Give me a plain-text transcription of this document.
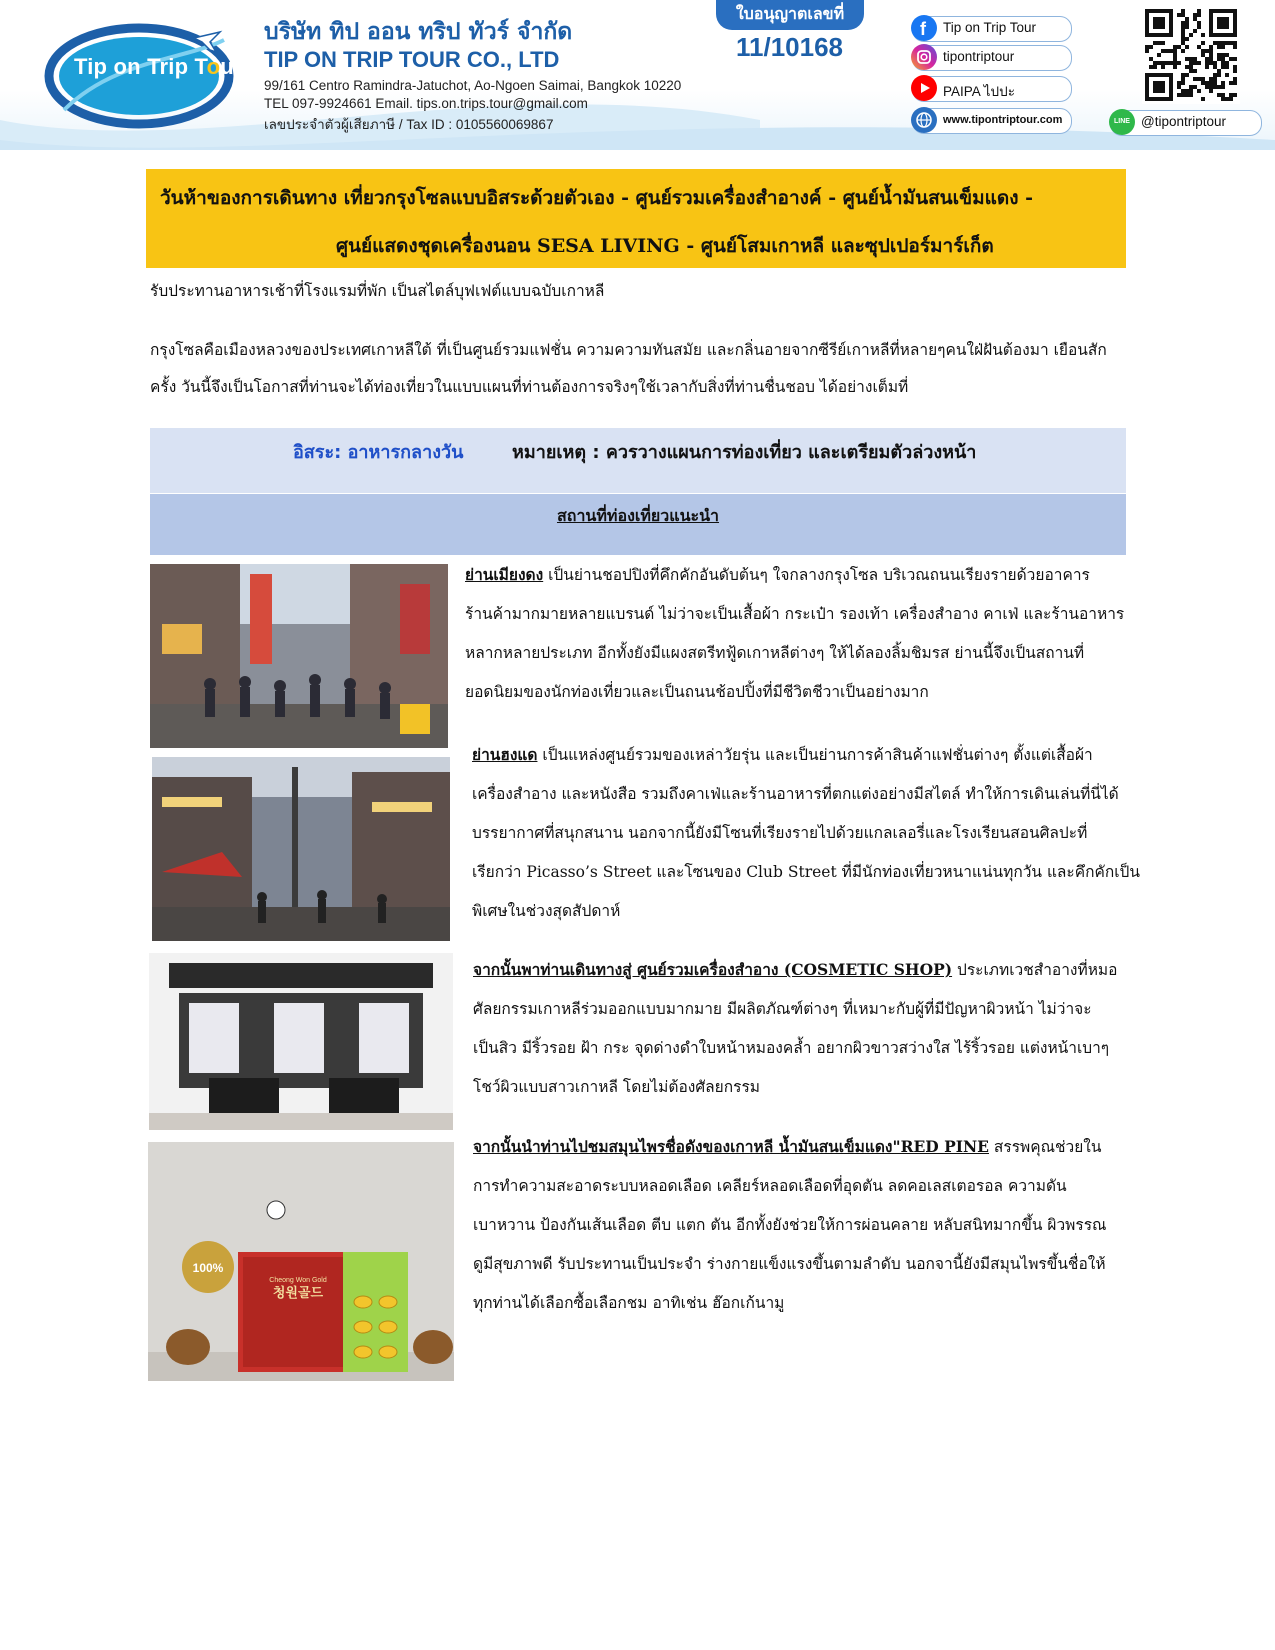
Tip on Trip Tour
บริษัท ทิป ออน ทริป ทัวร์ จำกัด
TIP ON TRIP TOUR CO., LTD
99/161 Centro Ramindra-Jatuchot, Ao-Ngoen Saimai, Bangkok 10220
TEL 097-9924661 Email. tips.on.trips.tour@gmail.com
เลขประจำตัวผู้เสียภาษี / Tax ID : 0105560069867
ใบอนุญาตเลขที่
11/10168
f Tip on Trip Tour
tipontriptour
PAIPA ไปปะ
www.tipontriptour.com	LINE @tipontriptour
วันห้าของการเดินทาง เที่ยวกรุงโซลแบบอิสระด้วยตัวเอง - ศูนย์รวมเครื่องสำอางค์ - ศูนย์น้ำมันสนเข็มแดง -
ศูนย์แสดงชุดเครื่องนอน SESA LIVING - ศูนย์โสมเกาหลี และซุปเปอร์มาร์เก็ต
รับประทานอาหารเช้าที่โรงแรมที่พัก เป็นสไตล์บุฟเฟต์แบบฉบับเกาหลี
กรุงโซลคือเมืองหลวงของประเทศเกาหลีใต้ ที่เป็นศูนย์รวมแฟชั่น ความความทันสมัย และกลิ่นอายจากซีรีย์เกาหลีที่หลายๆคนใฝ่ฝันต้องมา เยือนสัก
ครั้ง วันนี้จึงเป็นโอกาสที่ท่านจะได้ท่องเที่ยวในแบบแผนที่ท่านต้องการจริงๆใช้เวลากับสิ่งที่ท่านชื่นชอบ ได้อย่างเต็มที่
อิสระ: อาหารกลางวัน	หมายเหตุ : ควรวางแผนการท่องเที่ยว และเตรียมตัวล่วงหน้า
สถานที่ท่องเที่ยวแนะนำ
ย่านเมียงดง เป็นย่านชอปปิงที่คึกคักอันดับต้นๆ ใจกลางกรุงโซล บริเวณถนนเรียงรายด้วยอาคาร
ร้านค้ามากมายหลายแบรนด์ ไม่ว่าจะเป็นเสื้อผ้า กระเป๋า รองเท้า เครื่องสำอาง คาเฟ่ และร้านอาหาร
หลากหลายประเภท อีกทั้งยังมีแผงสตรีทฟู้ดเกาหลีต่างๆ ให้ได้ลองลิ้มชิมรส ย่านนี้จึงเป็นสถานที่
ยอดนิยมของนักท่องเที่ยวและเป็นถนนช้อปปิ้งที่มีชีวิตชีวาเป็นอย่างมาก
ย่านฮงแด เป็นแหล่งศูนย์รวมของเหล่าวัยรุ่น และเป็นย่านการค้าสินค้าแฟชั่นต่างๆ ตั้งแต่เสื้อผ้า
เครื่องสำอาง และหนังสือ รวมถึงคาเฟ่และร้านอาหารที่ตกแต่งอย่างมีสไตล์ ทำให้การเดินเล่นที่นี่ได้
บรรยากาศที่สนุกสนาน นอกจากนี้ยังมีโซนที่เรียงรายไปด้วยแกลเลอรี่และโรงเรียนสอนศิลปะที่
เรียกว่า Picasso’s Street และโซนของ Club Street ที่มีนักท่องเที่ยวหนาแน่นทุกวัน และคึกคักเป็น
พิเศษในช่วงสุดสัปดาห์
จากนั้นพาท่านเดินทางสู่ ศูนย์รวมเครื่องสำอาง (COSMETIC SHOP) ประเภทเวชสำอางที่หมอ
ศัลยกรรมเกาหลีร่วมออกแบบมากมาย มีผลิตภัณฑ์ต่างๆ ที่เหมาะกับผู้ที่มีปัญหาผิวหน้า ไม่ว่าจะ
เป็นสิว มีริ้วรอย ฝ้า กระ จุดด่างดำใบหน้าหมองคล้ำ อยากผิวขาวสว่างใส ไร้ริ้วรอย แต่งหน้าเบาๆ
โชว์ผิวแบบสาวเกาหลี โดยไม่ต้องศัลยกรรม
100%
청원골드
Cheong Won Gold
จากนั้นนำท่านไปชมสมุนไพรชื่อดังของเกาหลี น้ำมันสนเข็มแดง"RED PINE สรรพคุณช่วยใน
การทำความสะอาดระบบหลอดเลือด เคลียร์หลอดเลือดที่อุดตัน ลดคอเลสเตอรอล ความดัน
เบาหวาน ป้องกันเส้นเลือด ตีบ แตก ตัน อีกทั้งยังช่วยให้การผ่อนคลาย หลับสนิทมากขึ้น ผิวพรรณ
ดูมีสุขภาพดี รับประทานเป็นประจำ ร่างกายแข็งแรงขึ้นตามลำดับ นอกจานี้ยังมีสมุนไพรขึ้นชื่อให้
ทุกท่านได้เลือกซื้อเลือกชม อาทิเช่น ฮ๊อกเก้นามู
